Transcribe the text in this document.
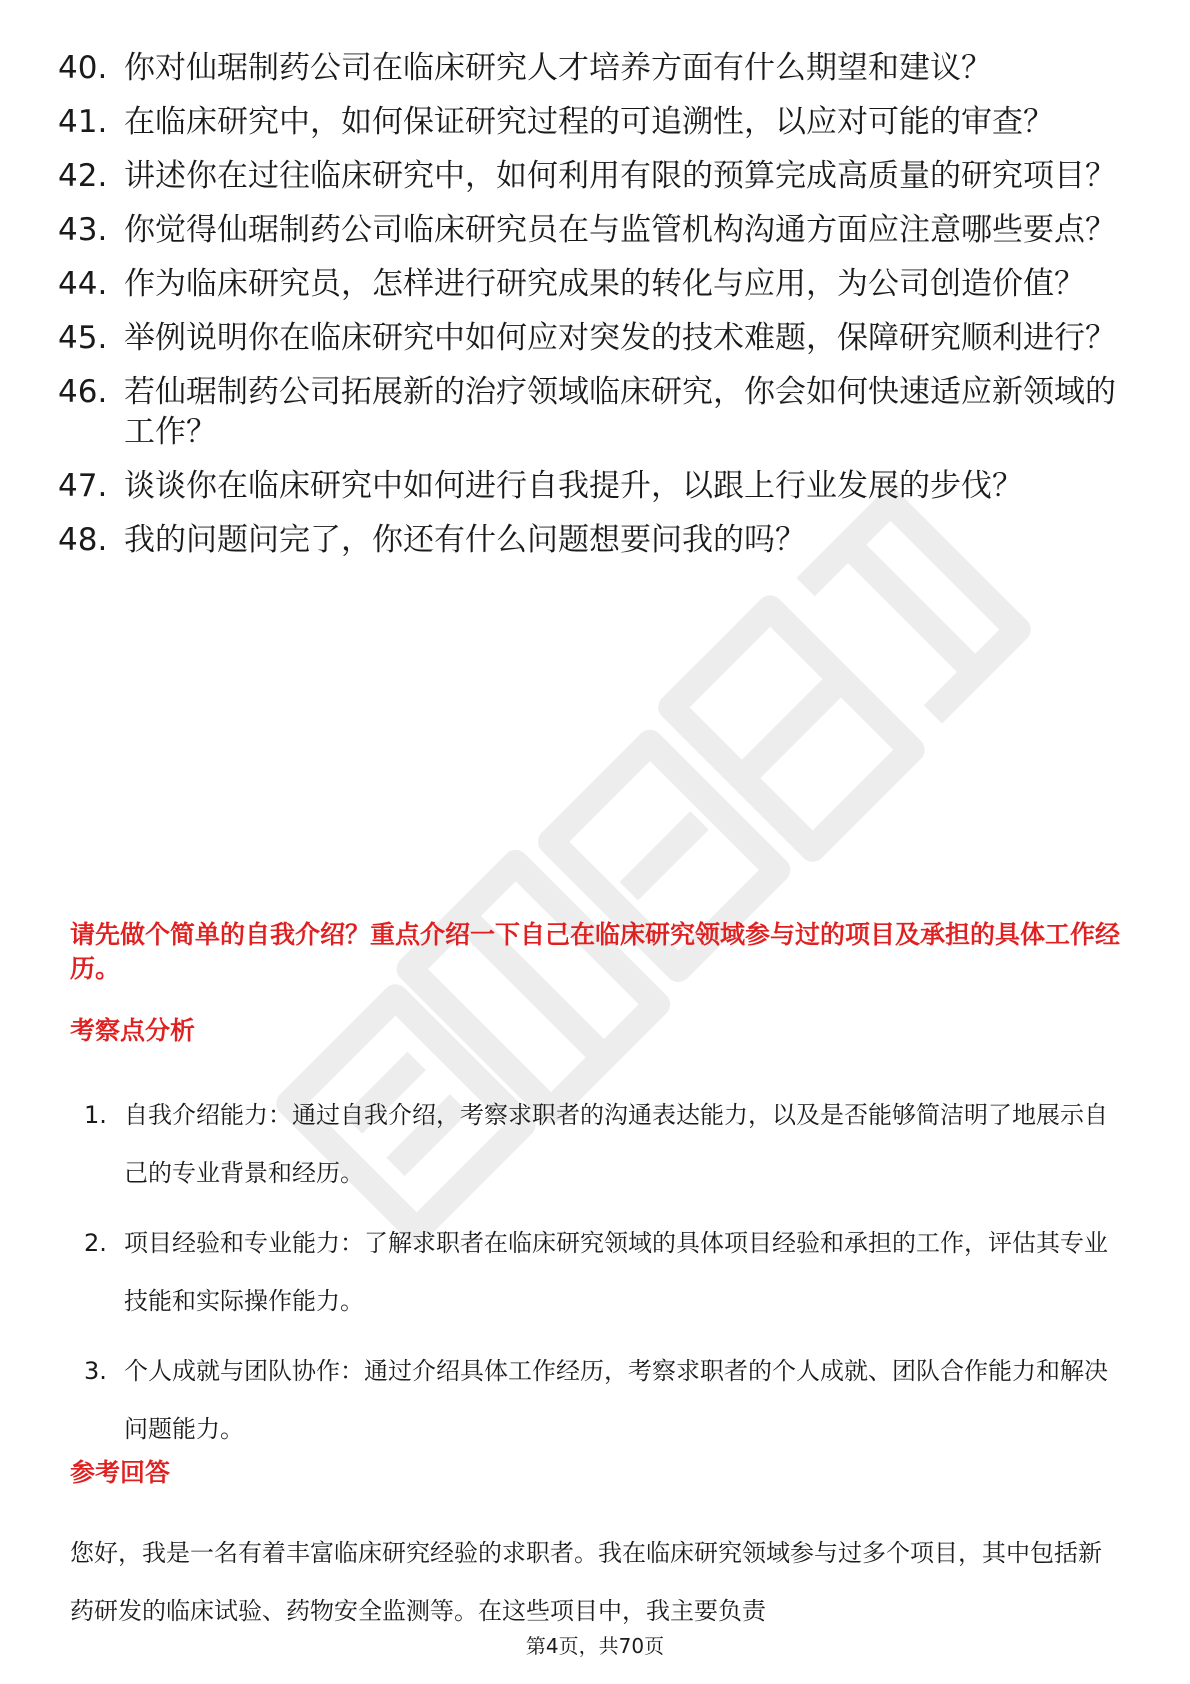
40. 你对仙琚制药公司在临床研究人才培养方面有什么期望和建议？
41. 在临床研究中，如何保证研究过程的可追溯性，以应对可能的审查？
42. 讲述你在过往临床研究中，如何利用有限的预算完成高质量的研究项目？
43. 你觉得仙琚制药公司临床研究员在与监管机构沟通方面应注意哪些要点？
44. 作为临床研究员，怎样进行研究成果的转化与应用，为公司创造价值？
45. 举例说明你在临床研究中如何应对突发的技术难题，保障研究顺利进行？
46. 若仙琚制药公司拓展新的治疗领域临床研究，你会如何快速适应新领域的工作？
47. 谈谈你在临床研究中如何进行自我提升，以跟上行业发展的步伐？
48. 我的问题问完了，你还有什么问题想要问我的吗？
请先做个简单的自我介绍？重点介绍一下自己在临床研究领域参与过的项目及承担的具体工作经历。
考察点分析
1. 自我介绍能力：通过自我介绍，考察求职者的沟通表达能力，以及是否能够简洁明了地展示自己的专业背景和经历。
2. 项目经验和专业能力：了解求职者在临床研究领域的具体项目经验和承担的工作，评估其专业技能和实际操作能力。
3. 个人成就与团队协作：通过介绍具体工作经历，考察求职者的个人成就、团队合作能力和解决问题能力。
参考回答
您好，我是一名有着丰富临床研究经验的求职者。我在临床研究领域参与过多个项目，其中包括新药研发的临床试验、药物安全监测等。在这些项目中，我主要负责
第4页，共70页
